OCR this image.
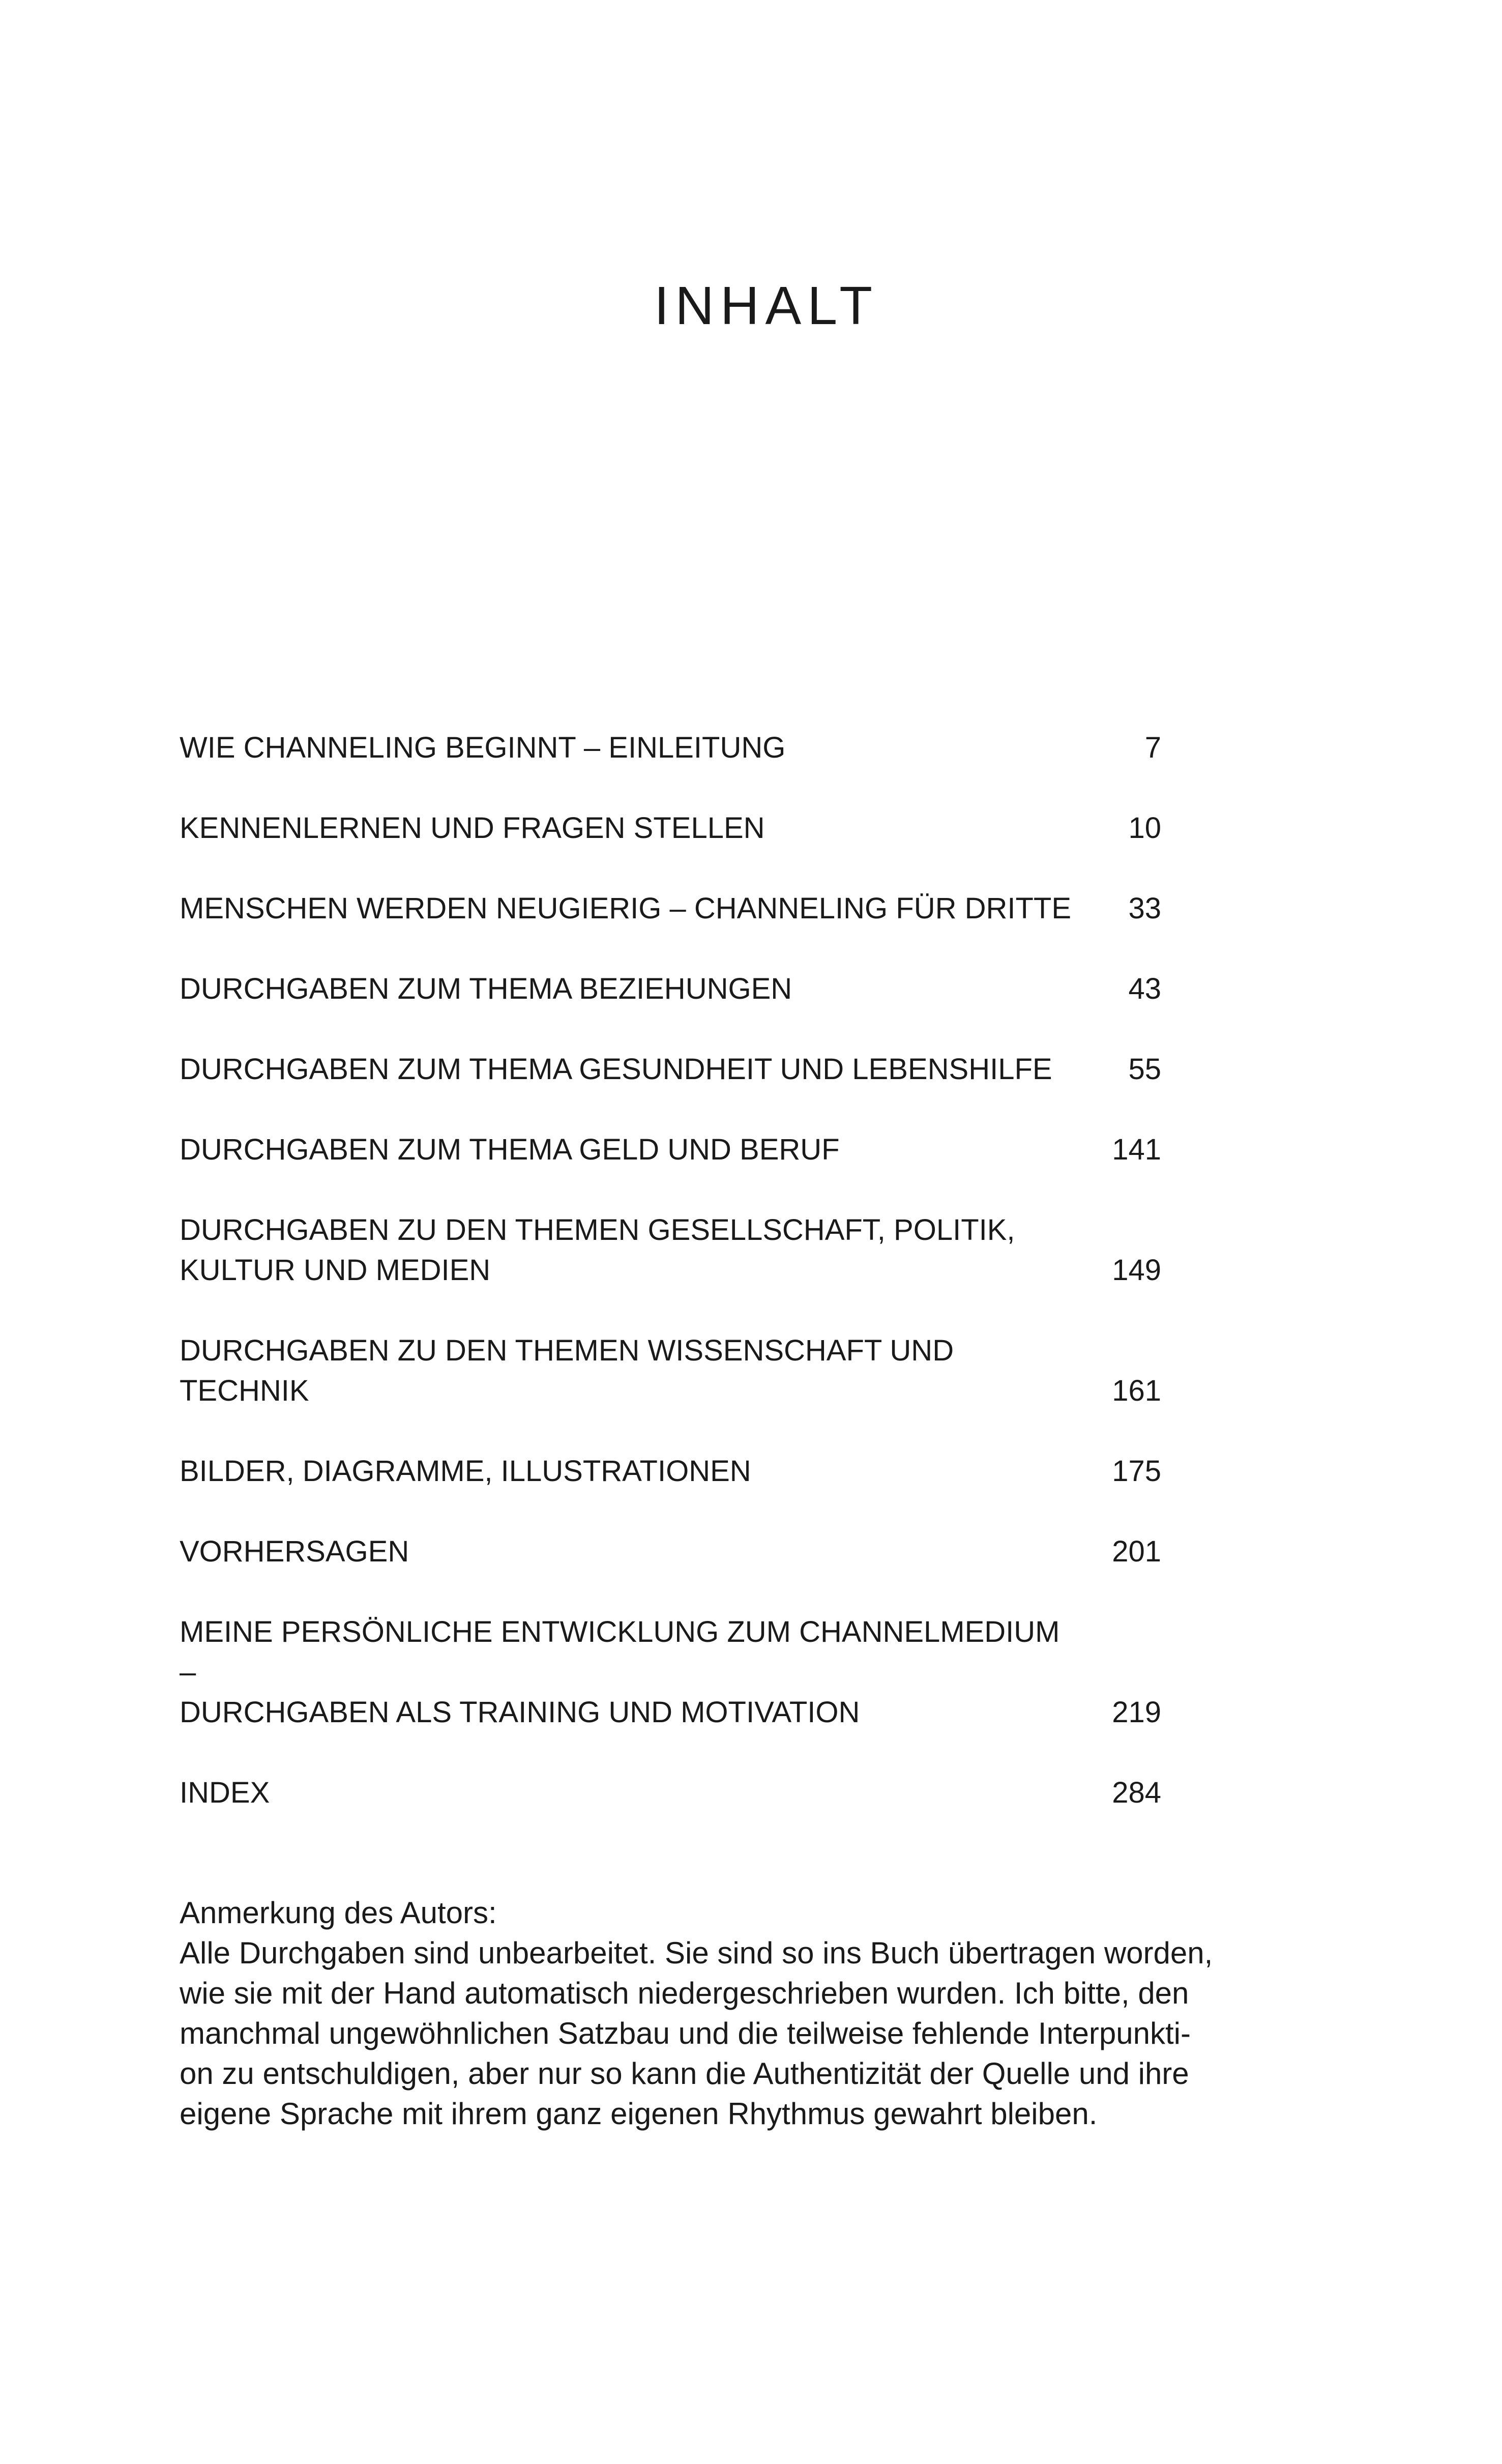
INHALT
WIE CHANNELING BEGINNT – EINLEITUNG	7
KENNENLERNEN UND FRAGEN STELLEN	10
MENSCHEN WERDEN NEUGIERIG – CHANNELING FÜR DRITTE	33
DURCHGABEN ZUM THEMA BEZIEHUNGEN	43
DURCHGABEN ZUM THEMA GESUNDHEIT UND LEBENSHILFE	55
DURCHGABEN ZUM THEMA GELD UND BERUF	141
DURCHGABEN ZU DEN THEMEN GESELLSCHAFT, POLITIK,
KULTUR UND MEDIEN	149
DURCHGABEN ZU DEN THEMEN WISSENSCHAFT UND TECHNIK	161
BILDER, DIAGRAMME, ILLUSTRATIONEN	175
VORHERSAGEN	201
MEINE PERSÖNLICHE ENTWICKLUNG ZUM CHANNELMEDIUM –
DURCHGABEN ALS TRAINING UND MOTIVATION	219
INDEX	284

Anmerkung des Autors:

Alle Durchgaben sind unbearbeitet. Sie sind so ins Buch übertragen worden,
wie sie mit der Hand automatisch niedergeschrieben wurden. Ich bitte, den
manchmal ungewöhnlichen Satzbau und die teilweise fehlende Interpunkti-
on zu entschuldigen, aber nur so kann die Authentizität der Quelle und ihre
eigene Sprache mit ihrem ganz eigenen Rhythmus gewahrt bleiben.
